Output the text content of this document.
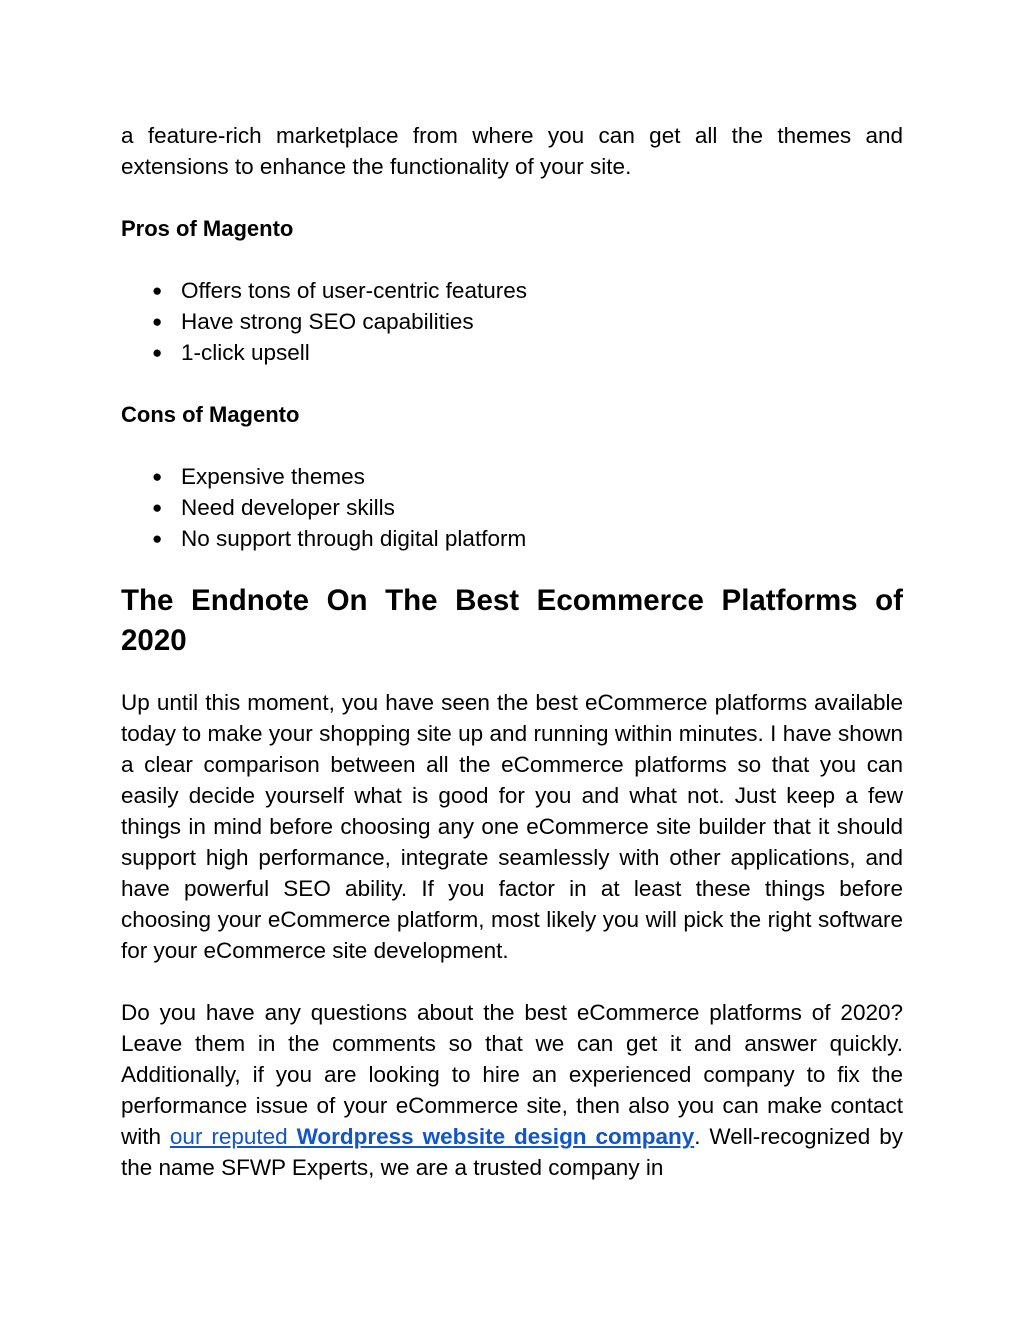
a feature-rich marketplace from where you can get all the themes and extensions to enhance the functionality of your site.

Pros of Magento
● Offers tons of user-centric features
● Have strong SEO capabilities
● 1-click upsell
Cons of Magento
● Expensive themes
● Need developer skills
● No support through digital platform
The Endnote On The Best Ecommerce Platforms of 2020

Up until this moment, you have seen the best eCommerce platforms available today to make your shopping site up and running within minutes. I have shown a clear comparison between all the eCommerce platforms so that you can easily decide yourself what is good for you and what not. Just keep a few things in mind before choosing any one eCommerce site builder that it should support high performance, integrate seamlessly with other applications, and have powerful SEO ability. If you factor in at least these things before choosing your eCommerce platform, most likely you will pick the right software for your eCommerce site development.

Do you have any questions about the best eCommerce platforms of 2020? Leave them in the comments so that we can get it and answer quickly. Additionally, if you are looking to hire an experienced company to fix the performance issue of your eCommerce site, then also you can make contact with our reputed Wordpress website design company. Well-recognized by the name SFWP Experts, we are a trusted company in
